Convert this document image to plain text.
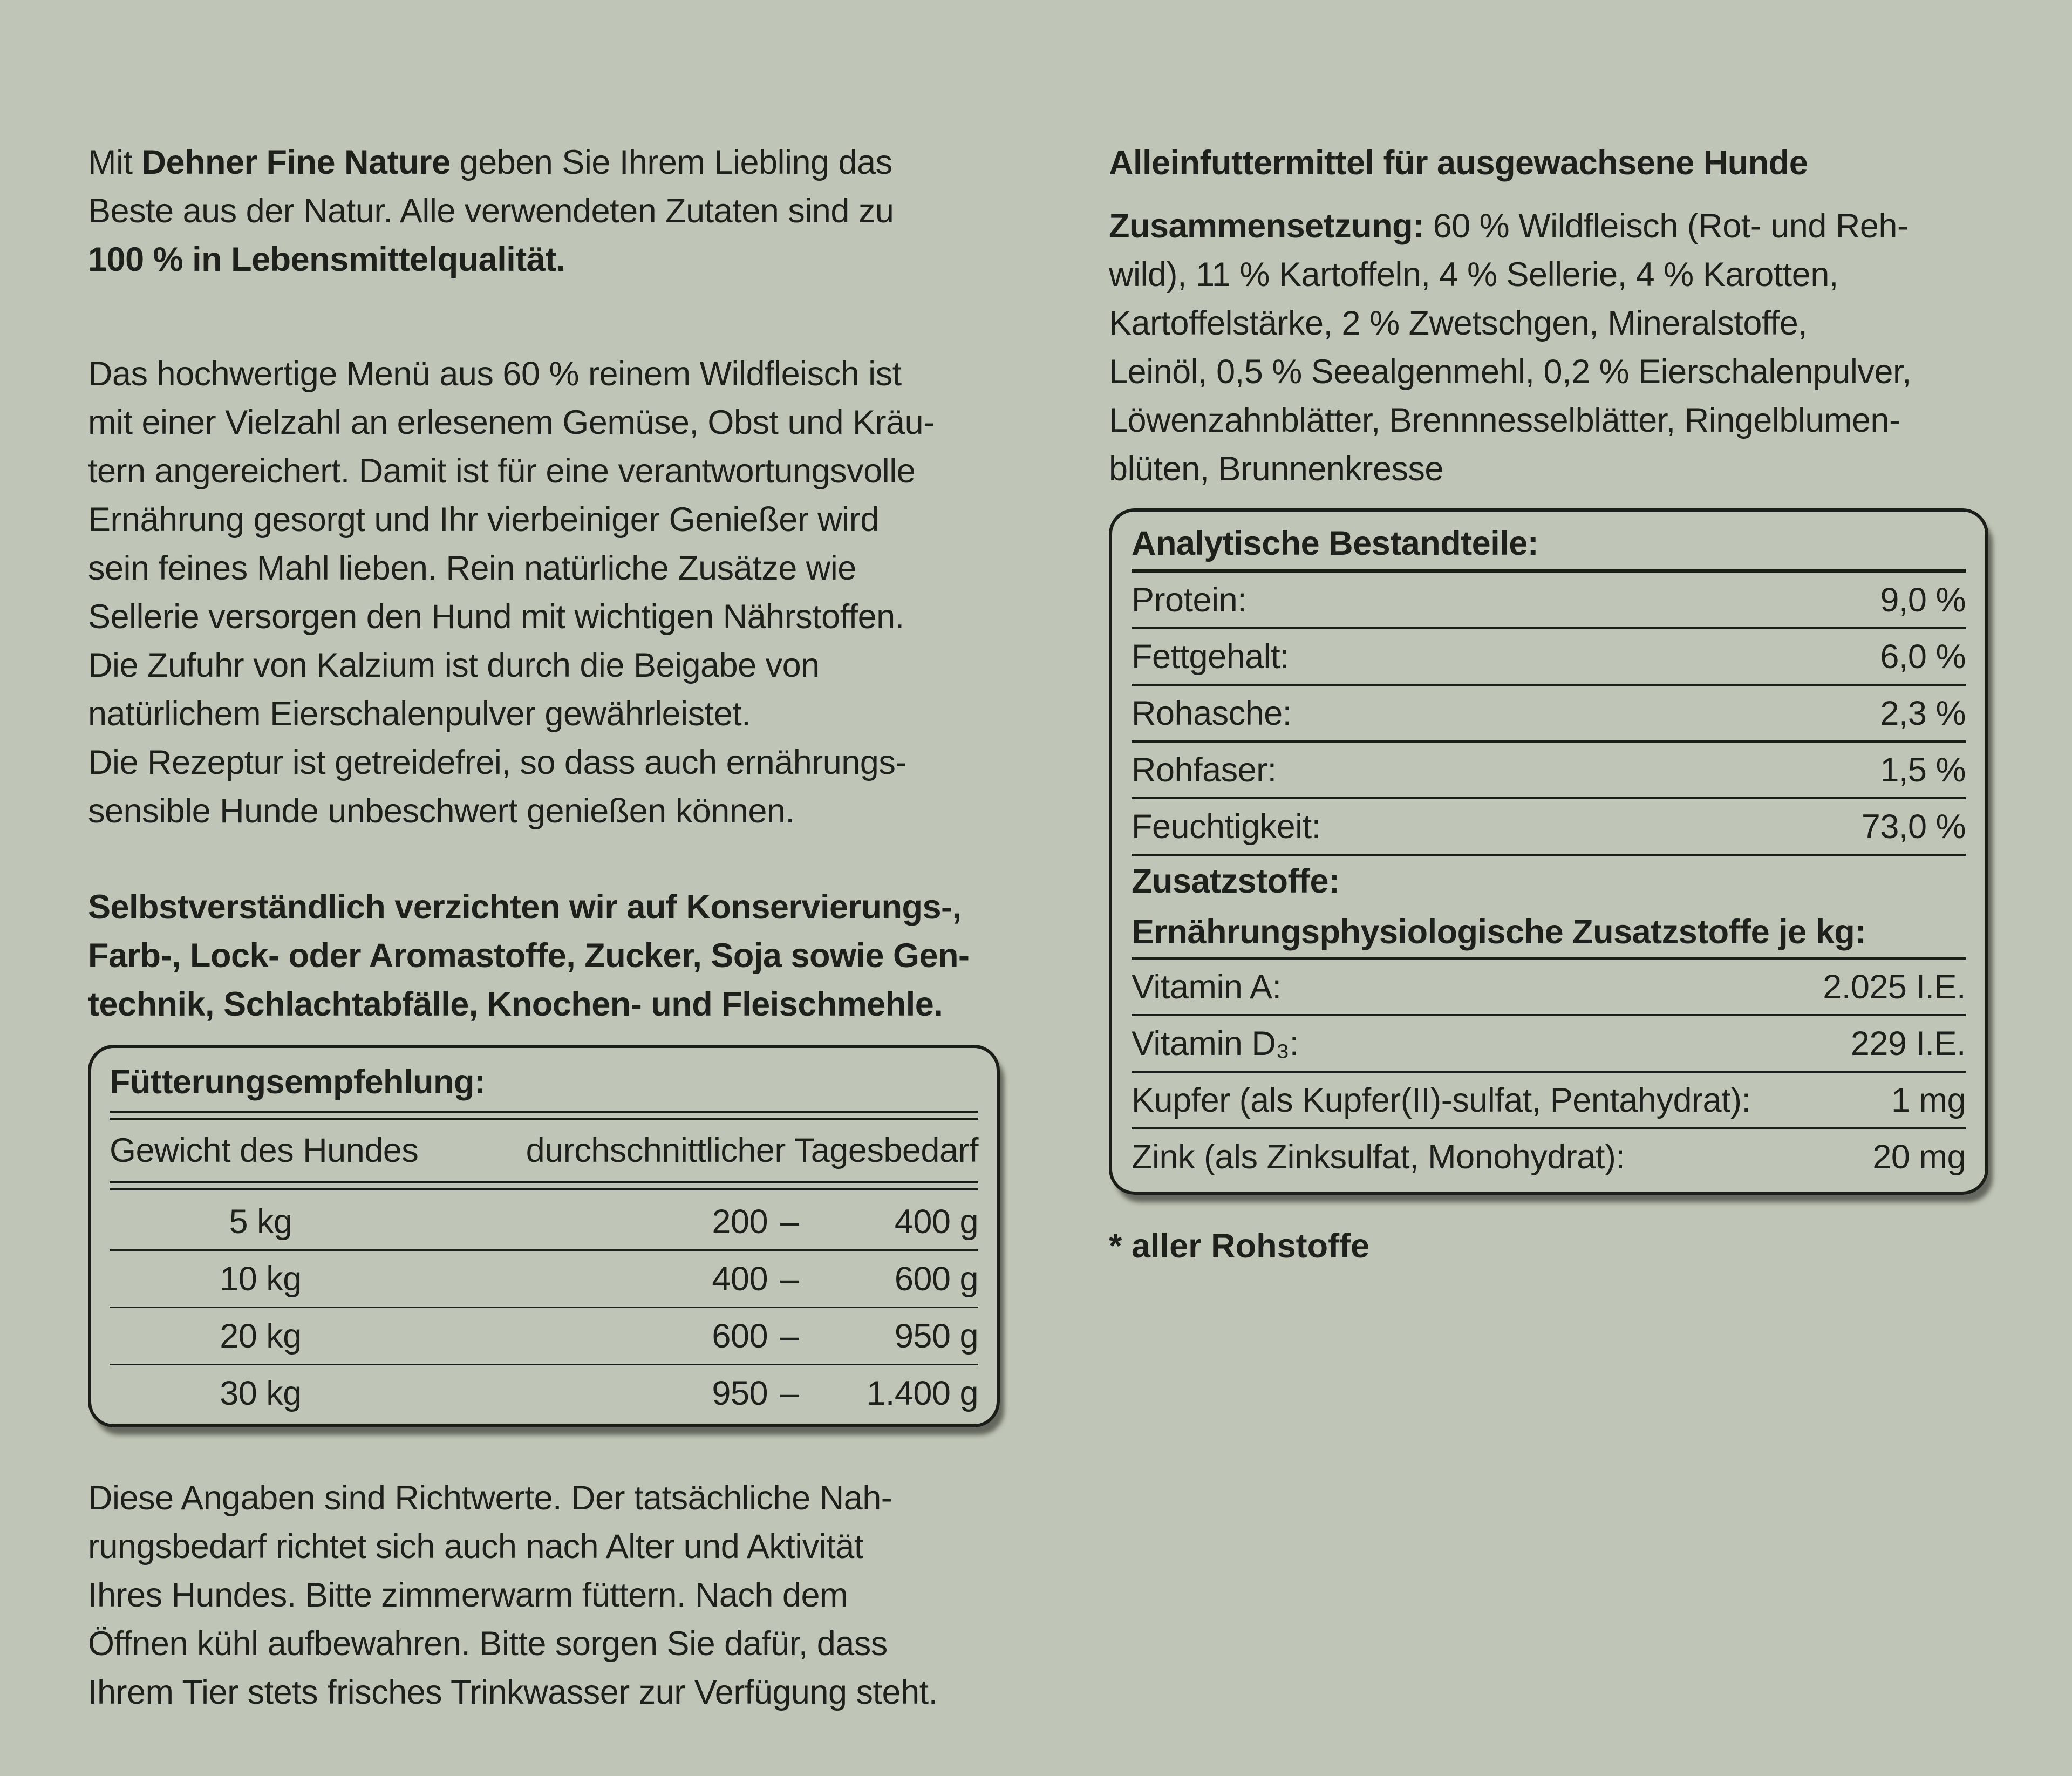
Mit Dehner Fine Nature geben Sie Ihrem Liebling das
Beste aus der Natur. Alle verwendeten Zutaten sind zu
100 % in Lebensmittelqualität.
Das hochwertige Menü aus 60 % reinem Wildfleisch ist
mit einer Vielzahl an erlesenem Gemüse, Obst und Kräu-
tern angereichert. Damit ist für eine verantwortungsvolle
Ernährung gesorgt und Ihr vierbeiniger Genießer wird
sein feines Mahl lieben. Rein natürliche Zusätze wie
Sellerie versorgen den Hund mit wichtigen Nährstoffen.
Die Zufuhr von Kalzium ist durch die Beigabe von
natürlichem Eierschalenpulver gewährleistet.
Die Rezeptur ist getreidefrei, so dass auch ernährungs-
sensible Hunde unbeschwert genießen können.
Selbstverständlich verzichten wir auf Konservierungs-,
Farb-, Lock- oder Aromastoffe, Zucker, Soja sowie Gen-
technik, Schlachtabfälle, Knochen- und Fleischmehle.
Fütterungsempfehlung:
Gewicht des Hundes	durchschnittlicher Tagesbedarf
5 kg	200 –	400 g
10 kg	400 –	600 g
20 kg	600 –	950 g
30 kg	950 –	1.400 g
Diese Angaben sind Richtwerte. Der tatsächliche Nah-
rungsbedarf richtet sich auch nach Alter und Aktivität
Ihres Hundes. Bitte zimmerwarm füttern. Nach dem
Öffnen kühl aufbewahren. Bitte sorgen Sie dafür, dass
Ihrem Tier stets frisches Trinkwasser zur Verfügung steht.
Alleinfuttermittel für ausgewachsene Hunde
Zusammensetzung: 60 % Wildfleisch (Rot- und Reh-
wild), 11 % Kartoffeln, 4 % Sellerie, 4 % Karotten,
Kartoffelstärke, 2 % Zwetschgen, Mineralstoffe,
Leinöl, 0,5 % Seealgenmehl, 0,2 % Eierschalenpulver,
Löwenzahnblätter, Brennnesselblätter, Ringelblumen-
blüten, Brunnenkresse
Analytische Bestandteile:
Protein:	9,0 %
Fettgehalt:	6,0 %
Rohasche:	2,3 %
Rohfaser:	1,5 %
Feuchtigkeit:	73,0 %
Zusatzstoffe:
Ernährungsphysiologische Zusatzstoffe je kg:
Vitamin A:	2.025 I.E.
Vitamin D₃:	229 I.E.
Kupfer (als Kupfer(II)-sulfat, Pentahydrat):	1 mg
Zink (als Zinksulfat, Monohydrat):	20 mg
* aller Rohstoffe
